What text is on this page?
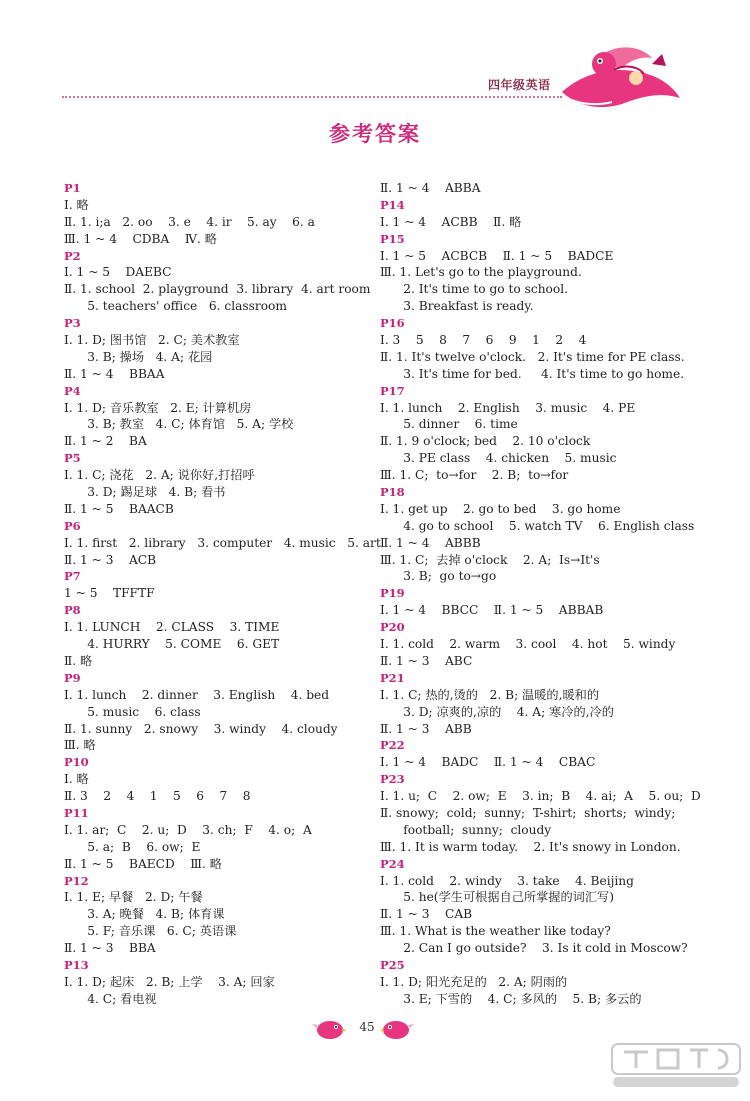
四年级英语
参考答案
P1
Ⅰ. 略
Ⅱ. 1. i;a   2. oo    3. e    4. ir    5. ay    6. a
Ⅲ. 1 ~ 4    CDBA    Ⅳ. 略
P2
Ⅰ. 1 ~ 5    DAEBC
Ⅱ. 1. school  2. playground  3. library  4. art room
5. teachers' office   6. classroom
P3
Ⅰ. 1. D; 图书馆   2. C; 美术教室
3. B; 操场   4. A; 花园
Ⅱ. 1 ~ 4    BBAA
P4
Ⅰ. 1. D; 音乐教室   2. E; 计算机房
3. B; 教室   4. C; 体育馆   5. A; 学校
Ⅱ. 1 ~ 2    BA
P5
Ⅰ. 1. C; 浇花   2. A; 说你好,打招呼
3. D; 踢足球   4. B; 看书
Ⅱ. 1 ~ 5    BAACB
P6
Ⅰ. 1. first   2. library   3. computer   4. music   5. art
Ⅱ. 1 ~ 3    ACB
P7
1 ~ 5    TFFTF
P8
Ⅰ. 1. LUNCH    2. CLASS    3. TIME
4. HURRY    5. COME    6. GET
Ⅱ. 略
P9
Ⅰ. 1. lunch    2. dinner    3. English    4. bed
5. music    6. class
Ⅱ. 1. sunny   2. snowy    3. windy    4. cloudy
Ⅲ. 略
P10
Ⅰ. 略
Ⅱ. 3    2    4    1    5    6    7    8
P11
Ⅰ. 1. ar;  C    2. u;  D    3. ch;  F    4. o;  A
5. a;  B    6. ow;  E
Ⅱ. 1 ~ 5    BAECD    Ⅲ. 略
P12
Ⅰ. 1. E; 早餐   2. D; 午餐
3. A; 晚餐   4. B; 体育课
5. F; 音乐课   6. C; 英语课
Ⅱ. 1 ~ 3    BBA
P13
Ⅰ. 1. D; 起床   2. B; 上学    3. A; 回家
4. C; 看电视
Ⅱ. 1 ~ 4    ABBA
P14
Ⅰ. 1 ~ 4    ACBB    Ⅱ. 略
P15
Ⅰ. 1 ~ 5    ACBCB    Ⅱ. 1 ~ 5    BADCE
Ⅲ. 1. Let's go to the playground.
2. It's time to go to school.
3. Breakfast is ready.
P16
Ⅰ. 3    5    8    7    6    9    1    2    4
Ⅱ. 1. It's twelve o'clock.   2. It's time for PE class.
3. It's time for bed.     4. It's time to go home.
P17
Ⅰ. 1. lunch    2. English    3. music    4. PE
5. dinner    6. time
Ⅱ. 1. 9 o'clock; bed    2. 10 o'clock
3. PE class    4. chicken    5. music
Ⅲ. 1. C;  to→for    2. B;  to→for
P18
Ⅰ. 1. get up    2. go to bed    3. go home
4. go to school    5. watch TV    6. English class
Ⅱ. 1 ~ 4    ABBB
Ⅲ. 1. C;  去掉 o'clock    2. A;  Is→It's
3. B;  go to→go
P19
Ⅰ. 1 ~ 4    BBCC    Ⅱ. 1 ~ 5    ABBAB
P20
Ⅰ. 1. cold    2. warm    3. cool    4. hot    5. windy
Ⅱ. 1 ~ 3    ABC
P21
Ⅰ. 1. C; 热的,烫的   2. B; 温暖的,暖和的
3. D; 凉爽的,凉的    4. A; 寒冷的,冷的
Ⅱ. 1 ~ 3    ABB
P22
Ⅰ. 1 ~ 4    BADC    Ⅱ. 1 ~ 4    CBAC
P23
Ⅰ. 1. u;  C    2. ow;  E    3. in;  B    4. ai;  A    5. ou;  D
Ⅱ. snowy;  cold;  sunny;  T-shirt;  shorts;  windy;
football;  sunny;  cloudy
Ⅲ. 1. It is warm today.    2. It's snowy in London.
P24
Ⅰ. 1. cold    2. windy    3. take    4. Beijing
5. he(学生可根据自己所掌握的词汇写)
Ⅱ. 1 ~ 3    CAB
Ⅲ. 1. What is the weather like today?
2. Can I go outside?    3. Is it cold in Moscow?
P25
Ⅰ. 1. D; 阳光充足的   2. A; 阴雨的
3. E; 下雪的    4. C; 多风的    5. B; 多云的
45
